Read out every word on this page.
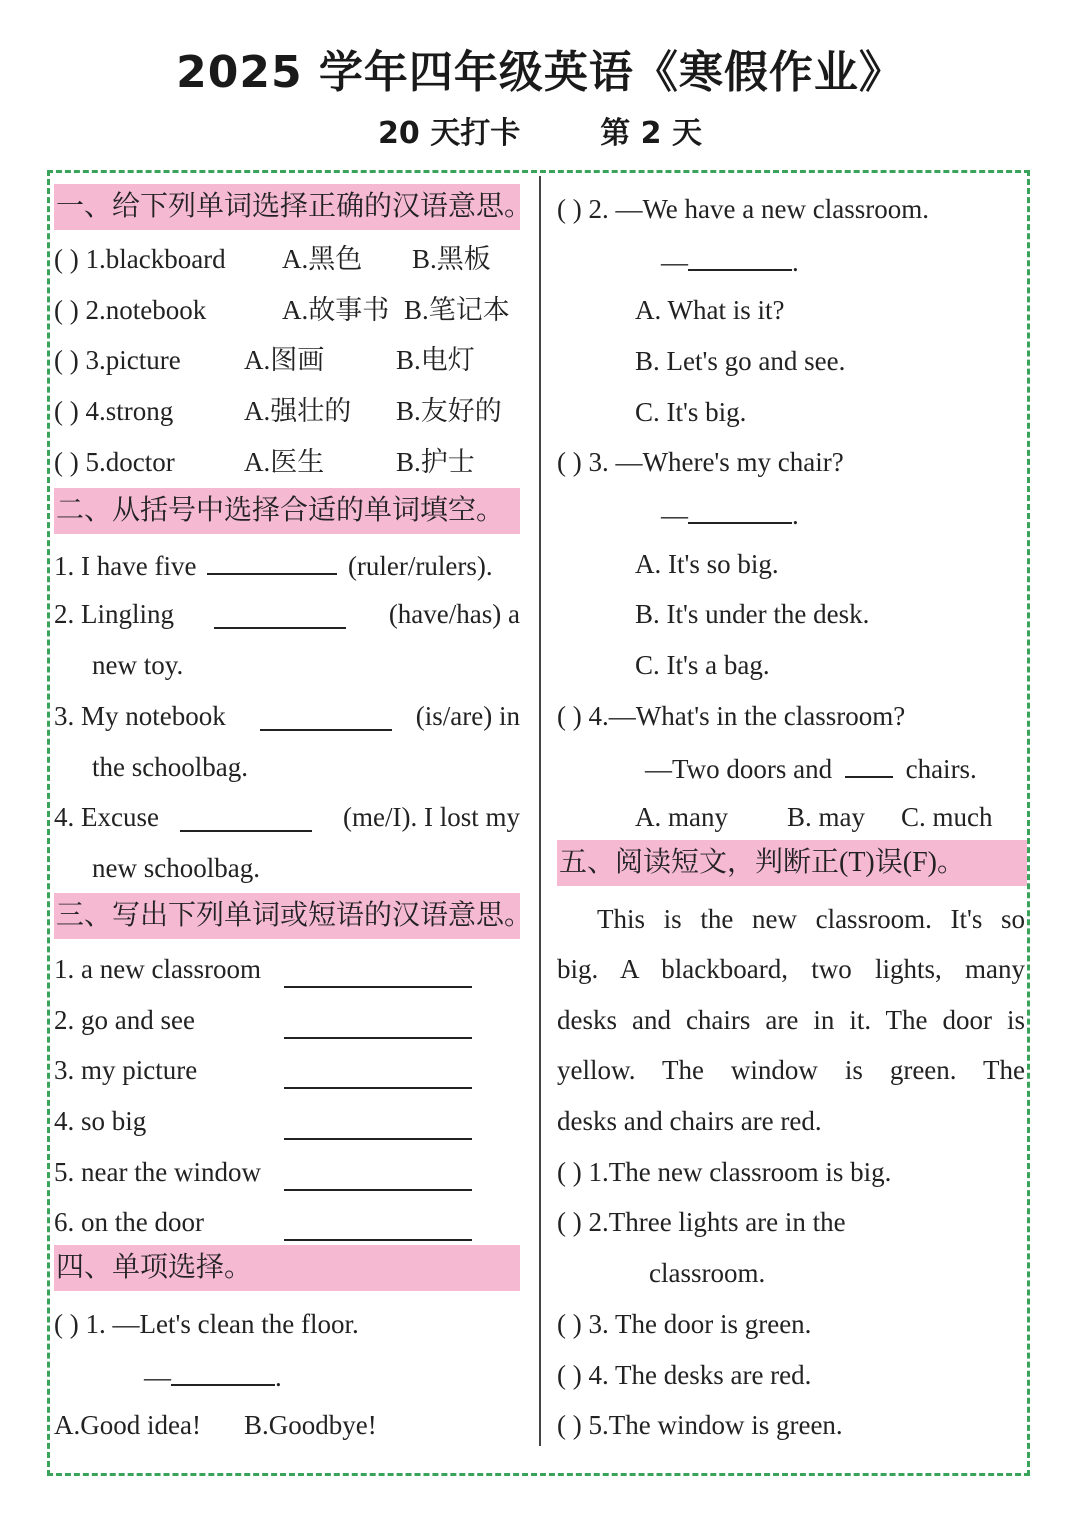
2025 学年四年级英语《寒假作业》
20 天打卡	第 2 天
一、给下列单词选择正确的汉语意思。
( ) 1.blackboard A.黑色 B.黑板
( ) 2.notebook	A.故事书 B.笔记本
( ) 3.picture A.图画	B.电灯
( ) 4.strong	A.强壮的 B.友好的
( ) 5.doctor	A.医生	B.护士
二、从括号中选择合适的单词填空。
1. I have five	(ruler/rulers).
2. Lingling	(have/has) a
new toy.
3. My notebook	(is/are) in
the schoolbag.
4. Excuse	(me/I). I lost my
new schoolbag.
三、写出下列单词或短语的汉语意思。
1. a new classroom
2. go and see
3. my picture
4. so big
5. near the window
6. on the door
四、单项选择。
( ) 1. —Let's clean the floor.
—	.
A.Good idea! B.Goodbye!
( ) 2. —We have a new classroom.
—	.
A. What is it?
B. Let's go and see.
C. It's big.
( ) 3. —Where's my chair?
—	.
A. It's so big.
B. It's under the desk.
C. It's a bag.
( ) 4.—What's in the classroom?
—Two doors and	chairs.
A. many B. may C. much
五、阅读短文，判断正(T)误(F)。
This is the new classroom. It's so
big. A blackboard, two lights, many
desks and chairs are in it. The door is
yellow. The window is green. The
desks and chairs are red.
( ) 1.The new classroom is big.
( ) 2.Three lights are in the
classroom.
( ) 3. The door is green.
( ) 4. The desks are red.
( ) 5.The window is green.
